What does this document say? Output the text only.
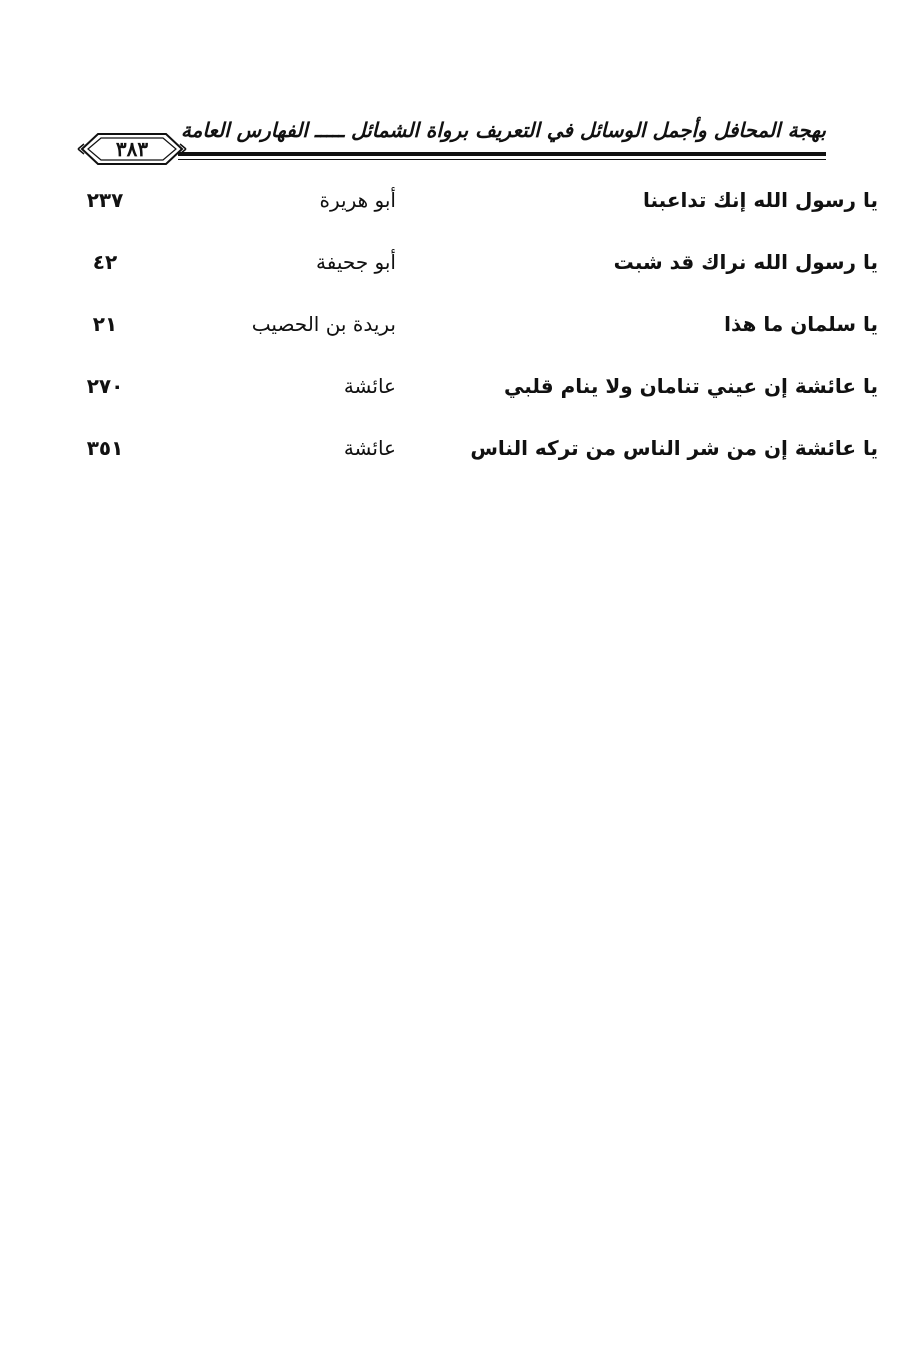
بهجة المحافل وأجمل الوسائل في التعريف برواة الشمائل ـــــ الفهارس العامة
٣٨٣
يا رسول الله إنك تداعبنا
أبو هريرة
٢٣٧
يا رسول الله نراك قد شبت
أبو جحيفة
٤٢
يا سلمان ما هذا
بريدة بن الحصيب
٢١
يا عائشة إن عيني تنامان ولا ينام قلبي
عائشة
٢٧٠
يا عائشة إن من شر الناس من تركه الناس
عائشة
٣٥١
